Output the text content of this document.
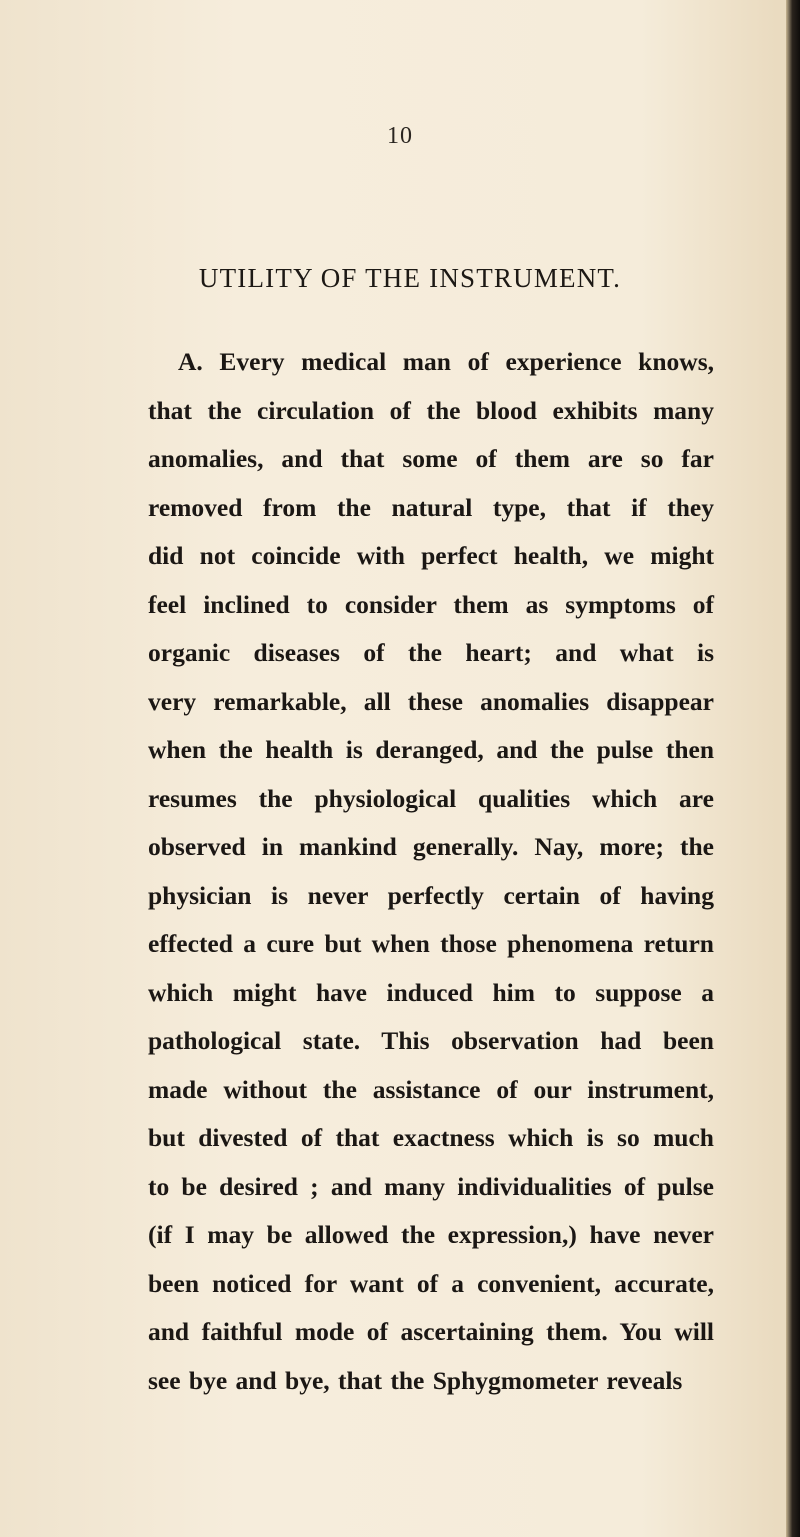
10
UTILITY OF THE INSTRUMENT.
A. Every medical man of experience knows,
that the circulation of the blood exhibits many
anomalies, and that some of them are so far
removed from the natural type, that if they
did not coincide with perfect health, we might
feel inclined to consider them as symptoms of
organic diseases of the heart; and what is
very remarkable, all these anomalies disappear
when the health is deranged, and the pulse then
resumes the physiological qualities which are
observed in mankind generally. Nay, more; the
physician is never perfectly certain of having
effected a cure but when those phenomena return
which might have induced him to suppose a
pathological state. This observation had been
made without the assistance of our instrument,
but divested of that exactness which is so much
to be desired ; and many individualities of pulse
(if I may be allowed the expression,) have never
been noticed for want of a convenient, accurate,
and faithful mode of ascertaining them. You will
see bye and bye, that the Sphygmometer reveals
